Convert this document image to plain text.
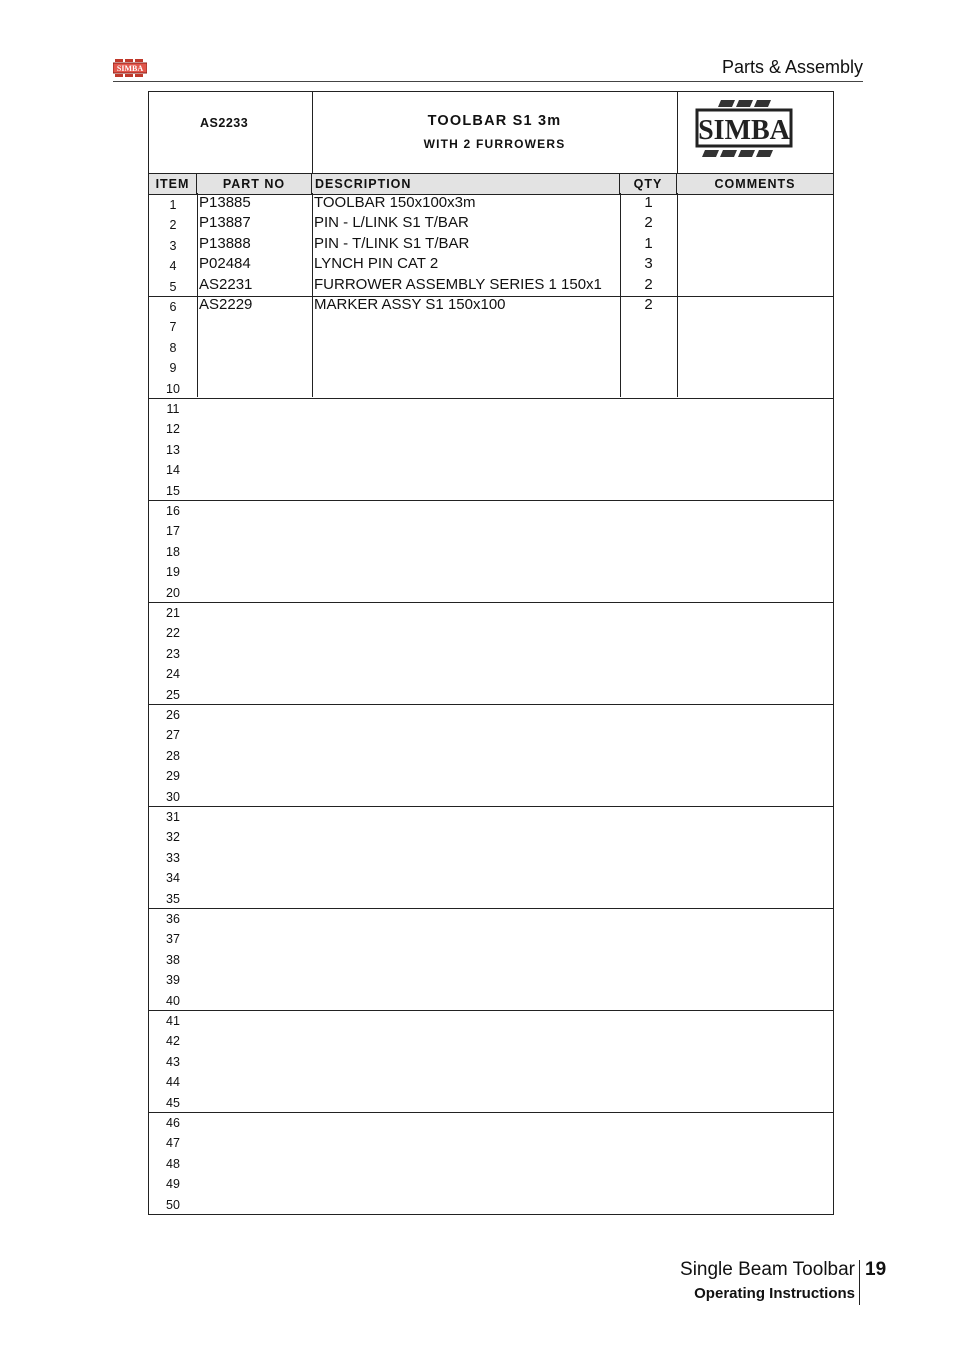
SIMBA	Parts & Assembly
AS2233	TOOLBAR S1 3m
WITH 2 FURROWERS	SIMBA
ITEM	PART NO	DESCRIPTION	QTY	COMMENTS
1	P13885	TOOLBAR 150x100x3m	1
2	P13887	PIN - L/LINK S1 T/BAR	2
3	P13888	PIN - T/LINK S1 T/BAR	1
4	P02484	LYNCH PIN CAT 2	3
5	AS2231	FURROWER ASSEMBLY SERIES 1 150x1	2
6	AS2229	MARKER ASSY S1 150x100	2
7
8
9
10
11
12
13
14
15
16
17
18
19
20
21
22
23
24
25
26
27
28
29
30
31
32
33
34
35
36
37
38
39
40
41
42
43
44
45
46
47
48
49
50
Single Beam Toolbar 19
Operating Instructions
